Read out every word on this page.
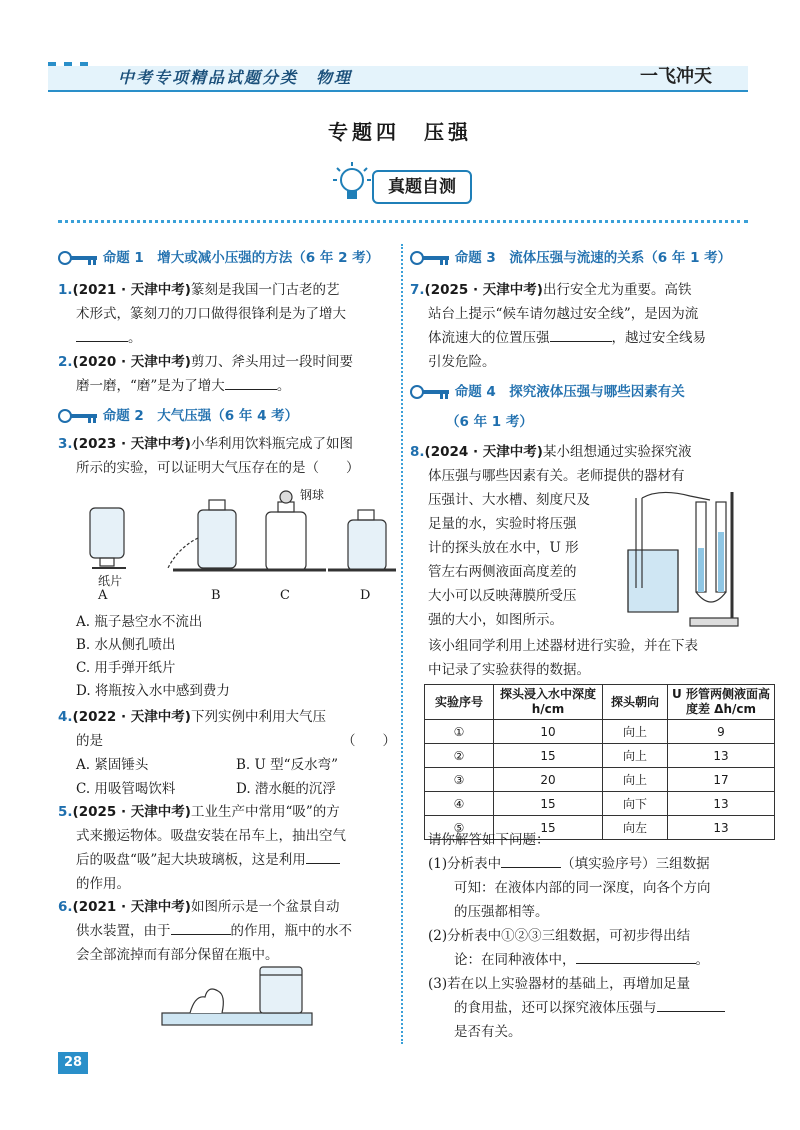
中考专项精品试题分类　物理	一飞冲天
专题四　压强
真题自测
命题 1　增大或减小压强的方法（6 年 2 考）
1.(2021 · 天津中考)篆刻是我国一门古老的艺
术形式，篆刻刀的刀口做得很锋利是为了增大
。
2.(2020 · 天津中考)剪刀、斧头用过一段时间要
磨一磨，“磨”是为了增大	。
命题 2　大气压强（6 年 4 考）
3.(2023 · 天津中考)小华利用饮料瓶完成了如图
所示的实验，可以证明大气压存在的是（　　）
纸片
钢球
A	B	C	D
A. 瓶子悬空水不流出
B. 水从侧孔喷出
C. 用手弹开纸片
D. 将瓶按入水中感到费力
4.(2022 · 天津中考)下列实例中利用大气压
的是	（　　）
A. 紧固锤头	B. U 型“反水弯”
C. 用吸管喝饮料	D. 潜水艇的沉浮
5.(2025 · 天津中考)工业生产中常用“吸”的方
式来搬运物体。吸盘安装在吊车上，抽出空气
后的吸盘“吸”起大块玻璃板，这是利用
的作用。
6.(2021 · 天津中考)如图所示是一个盆景自动
供水装置，由于	的作用，瓶中的水不
会全部流掉而有部分保留在瓶中。
命题 3　流体压强与流速的关系（6 年 1 考）
7.(2025 · 天津中考)出行安全尤为重要。高铁
站台上提示“候车请勿越过安全线”，是因为流
体流速大的位置压强	，越过安全线易
引发危险。
命题 4　探究液体压强与哪些因素有关
（6 年 1 考）
8.(2024 · 天津中考)某小组想通过实验探究液
体压强与哪些因素有关。老师提供的器材有
压强计、大水槽、刻度尺及
足量的水，实验时将压强
计的探头放在水中，U 形
管左右两侧液面高度差的
大小可以反映薄膜所受压
强的大小，如图所示。
该小组同学利用上述器材进行实验，并在下表
中记录了实验获得的数据。
实验序号	探头浸入水中深度 h/cm	探头朝向	U 形管两侧液面高度差 Δh/cm
①	10	向上	9
②	15	向上	13
③	20	向上	17
④	15	向下	13
⑤	15	向左	13
请你解答如下问题：
(1)分析表中	（填实验序号）三组数据
可知：在液体内部的同一深度，向各个方向
的压强都相等。
(2)分析表中①②③三组数据，可初步得出结
论：在同种液体中，	。
(3)若在以上实验器材的基础上，再增加足量
的食用盐，还可以探究液体压强与
是否有关。
28
